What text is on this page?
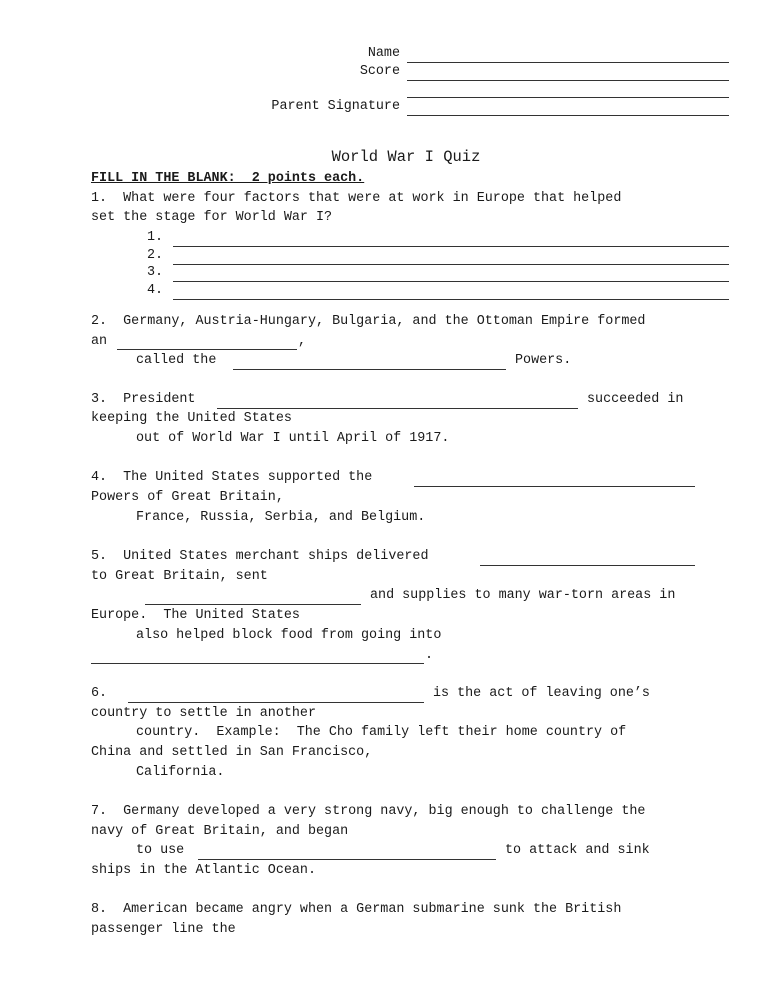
Name
Score
Parent Signature
World War I Quiz
FILL IN THE BLANK:  2 points each.
1.  What were four factors that were at work in Europe that helped
set the stage for World War I?
1.
2.
3.
4.
2.  Germany, Austria-Hungary, Bulgaria, and the Ottoman Empire formed
an	,
called the	Powers.
3.  President	succeeded in
keeping the United States
out of World War I until April of 1917.
4.  The United States supported the
Powers of Great Britain,
France, Russia, Serbia, and Belgium.
5.  United States merchant ships delivered
to Great Britain, sent
and supplies to many war-torn areas in
Europe.  The United States
also helped block food from going into
.
6.	is the act of leaving one’s
country to settle in another
country.  Example:  The Cho family left their home country of
China and settled in San Francisco,
California.
7.  Germany developed a very strong navy, big enough to challenge the
navy of Great Britain, and began
to use	to attack and sink
ships in the Atlantic Ocean.
8.  American became angry when a German submarine sunk the British
passenger line the
